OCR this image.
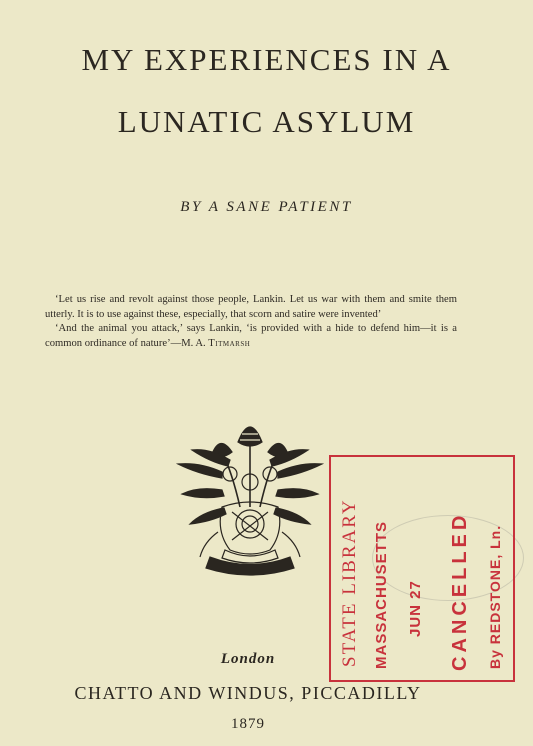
MY EXPERIENCES IN A
LUNATIC ASYLUM
BY A SANE PATIENT

‘Let us rise and revolt against those people, Lankin. Let us war with them and smite them utterly. It is to use against these, especially, that scorn and satire were invented’

‘And the animal you attack,’ says Lankin, ‘is provided with a hide to defend him—it is a common ordinance of nature’—M. A. Titmarsh

London
CHATTO AND WINDUS, PICCADILLY
1879
STATE LIBRARY MASSACHUSETTS JUN 27 CANCELLED By REDSTONE, Ln.
